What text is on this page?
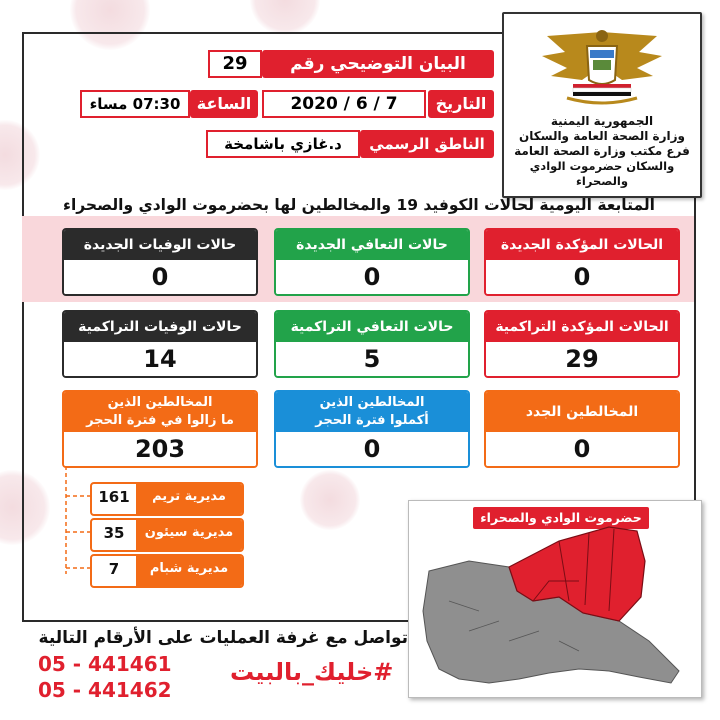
الجمهورية اليمنية
وزارة الصحة العامة والسكان
فرع مكتب وزارة الصحة العامة
والسكان حضرموت الوادي والصحراء
البيان التوضيحي رقم
29
التاريخ
2020 / 6 / 7
الساعة
07:30 مساء
الناطق الرسمي
د.غازي باشامخة
المتابعة اليومية لحالات الكوفيد 19 والمخالطين لها بحضرموت الوادي والصحراء
الحالات المؤكدة الجديدة
0
حالات التعافي الجديدة
0
حالات الوفيات الجديدة
0
الحالات المؤكدة التراكمية
29
حالات التعافي التراكمية
5
حالات الوفيات التراكمية
14
المخالطين الجدد
0
المخالطين الذين
أكملوا فترة الحجر
0
المخالطين الذين
ما زالوا في فترة الحجر
203
مديرية تريم
161
مديرية سيئون
35
مديرية شبام
7
حضرموت الوادي والصحراء
تواصل مع غرفة العمليات على الأرقام التالية
05 - 441461
05 - 441462
#خليك_بالبيت
